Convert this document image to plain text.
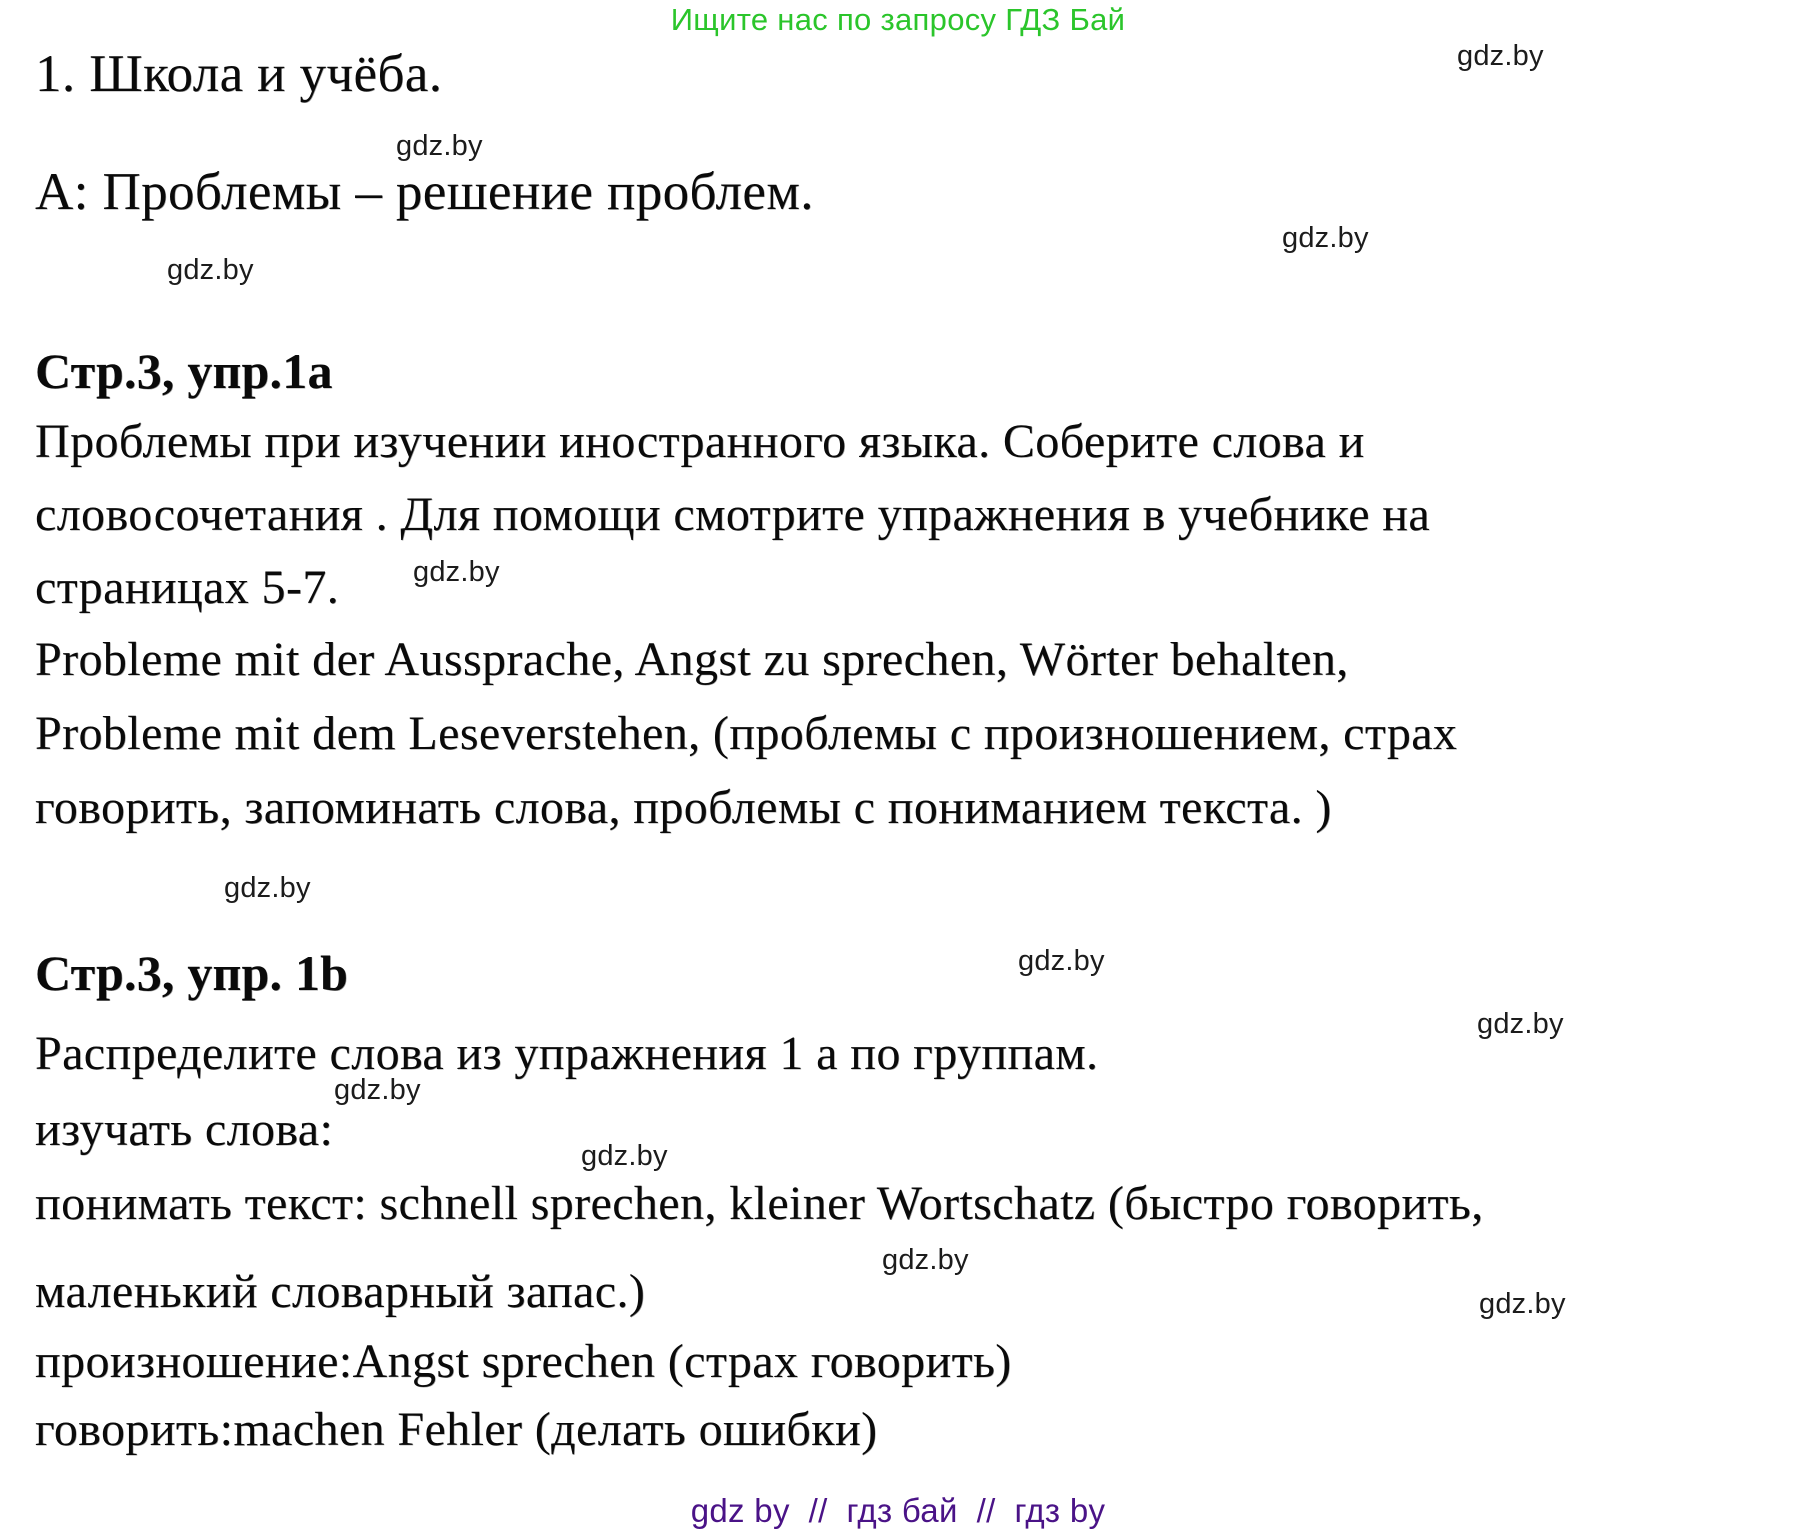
Ищите нас по запросу ГДЗ Бай
gdz.by
gdz.by
gdz.by
gdz.by
gdz.by
gdz.by
gdz.by
gdz.by
gdz.by
gdz.by
gdz.by
gdz.by
1. Школа и учёба.
A: Проблемы – решение проблем.
Стр.3, упр.1а
Проблемы при изучении иностранного языка. Соберите слова и
словосочетания . Для помощи смотрите упражнения в учебнике на
страницах 5-7.
Probleme mit der Aussprache, Angst zu sprechen, Wörter behalten,
Probleme mit dem Leseverstehen, (проблемы с произношением, страх
говорить, запоминать слова, проблемы с пониманием текста. )
Стр.3, упр. 1b
Распределите слова из упражнения 1 а по группам.
изучать слова:
понимать текст: schnell sprechen, kleiner Wortschatz (быстро говорить,
маленький словарный запас.)
произношение:Angst sprechen (страх говорить)
говорить:machen Fehler (делать ошибки)
gdz by  //  гдз бай  //  гдз by
